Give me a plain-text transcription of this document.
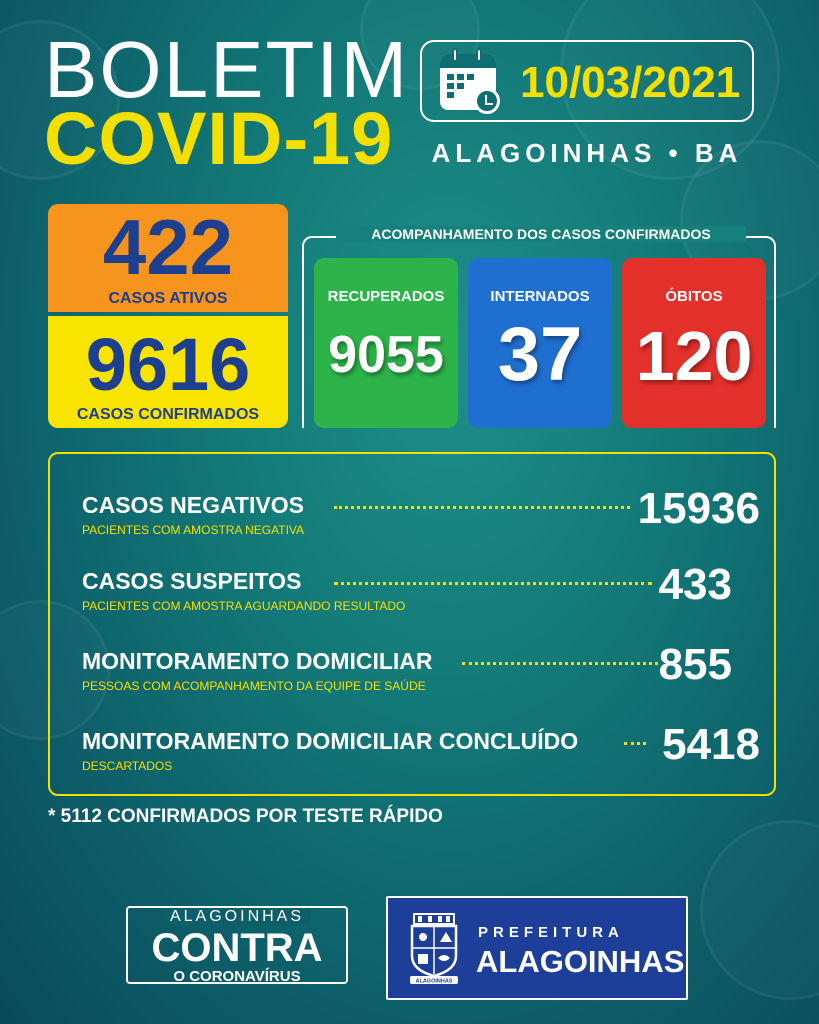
BOLETIM
COVID-19
10/03/2021
ALAGOINHAS • BA
422
CASOS ATIVOS
9616
CASOS CONFIRMADOS
ACOMPANHAMENTO DOS CASOS CONFIRMADOS
RECUPERADOS
9055
INTERNADOS
37
ÓBITOS
120
CASOS NEGATIVOS
PACIENTES COM AMOSTRA NEGATIVA	15936
CASOS SUSPEITOS
PACIENTES COM AMOSTRA AGUARDANDO RESULTADO	433
MONITORAMENTO DOMICILIAR
PESSOAS COM ACOMPANHAMENTO DA EQUIPE DE SAÚDE	855
MONITORAMENTO DOMICILIAR CONCLUÍDO
DESCARTADOS	5418
* 5112 CONFIRMADOS POR TESTE RÁPIDO
ALAGOINHAS
CONTRA
O CORONAVÍRUS	ALAGOINHAS
PREFEITURA
ALAGOINHAS
